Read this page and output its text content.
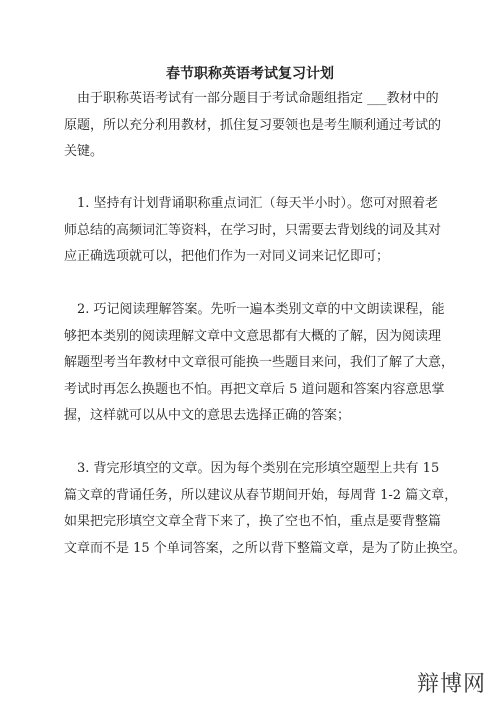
春节职称英语考试复习计划

　由于职称英语考试有一部分题目于考试命题组指定 ___教材中的
原题，所以充分利用教材，抓住复习要领也是考生顺利通过考试的
关键。

　1. 坚持有计划背诵职称重点词汇（每天半小时）。您可对照着老
师总结的高频词汇等资料，在学习时，只需要去背划线的词及其对
应正确选项就可以，把他们作为一对同义词来记忆即可；

　2. 巧记阅读理解答案。先听一遍本类别文章的中文朗读课程，能
够把本类别的阅读理解文章中文意思都有大概的了解，因为阅读理
解题型考当年教材中文章很可能换一些题目来问，我们了解了大意，
考试时再怎么换题也不怕。再把文章后 5 道问题和答案内容意思掌
握，这样就可以从中文的意思去选择正确的答案；

　3. 背完形填空的文章。因为每个类别在完形填空题型上共有 15
篇文章的背诵任务，所以建议从春节期间开始，每周背 1-2 篇文章，
如果把完形填空文章全背下来了，换了空也不怕，重点是要背整篇
文章而不是 15 个单词答案，之所以背下整篇文章，是为了防止换空。

辩博网
